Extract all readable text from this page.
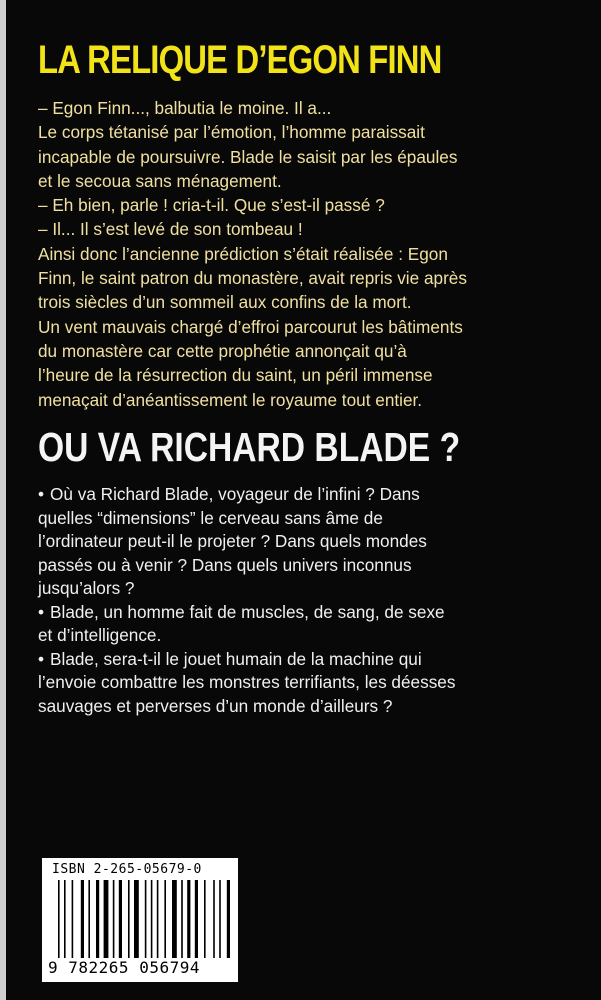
LA RELIQUE D’EGON FINN

– Egon Finn..., balbutia le moine. Il a...

Le corps tétanisé par l’émotion, l’homme paraissait

incapable de poursuivre. Blade le saisit par les épaules

et le secoua sans ménagement.

– Eh bien, parle ! cria-t-il. Que s’est-il passé ?

– Il... Il s’est levé de son tombeau !

Ainsi donc l’ancienne prédiction s’était réalisée : Egon

Finn, le saint patron du monastère, avait repris vie après

trois siècles d’un sommeil aux confins de la mort.

Un vent mauvais chargé d’effroi parcourut les bâtiments

du monastère car cette prophétie annonçait qu’à

l’heure de la résurrection du saint, un péril immense

menaçait d’anéantissement le royaume tout entier.

OU VA RICHARD BLADE ?

• Où va Richard Blade, voyageur de l’infini ? Dans

quelles “dimensions” le cerveau sans âme de

l’ordinateur peut-il le projeter ? Dans quels mondes

passés ou à venir ? Dans quels univers inconnus

jusqu’alors ?

• Blade, un homme fait de muscles, de sang, de sexe

et d’intelligence.

• Blade, sera-t-il le jouet humain de la machine qui

l’envoie combattre les monstres terrifiants, les déesses

sauvages et perverses d’un monde d’ailleurs ?

ISBN 2-265-05679-0
9 782265 056794
